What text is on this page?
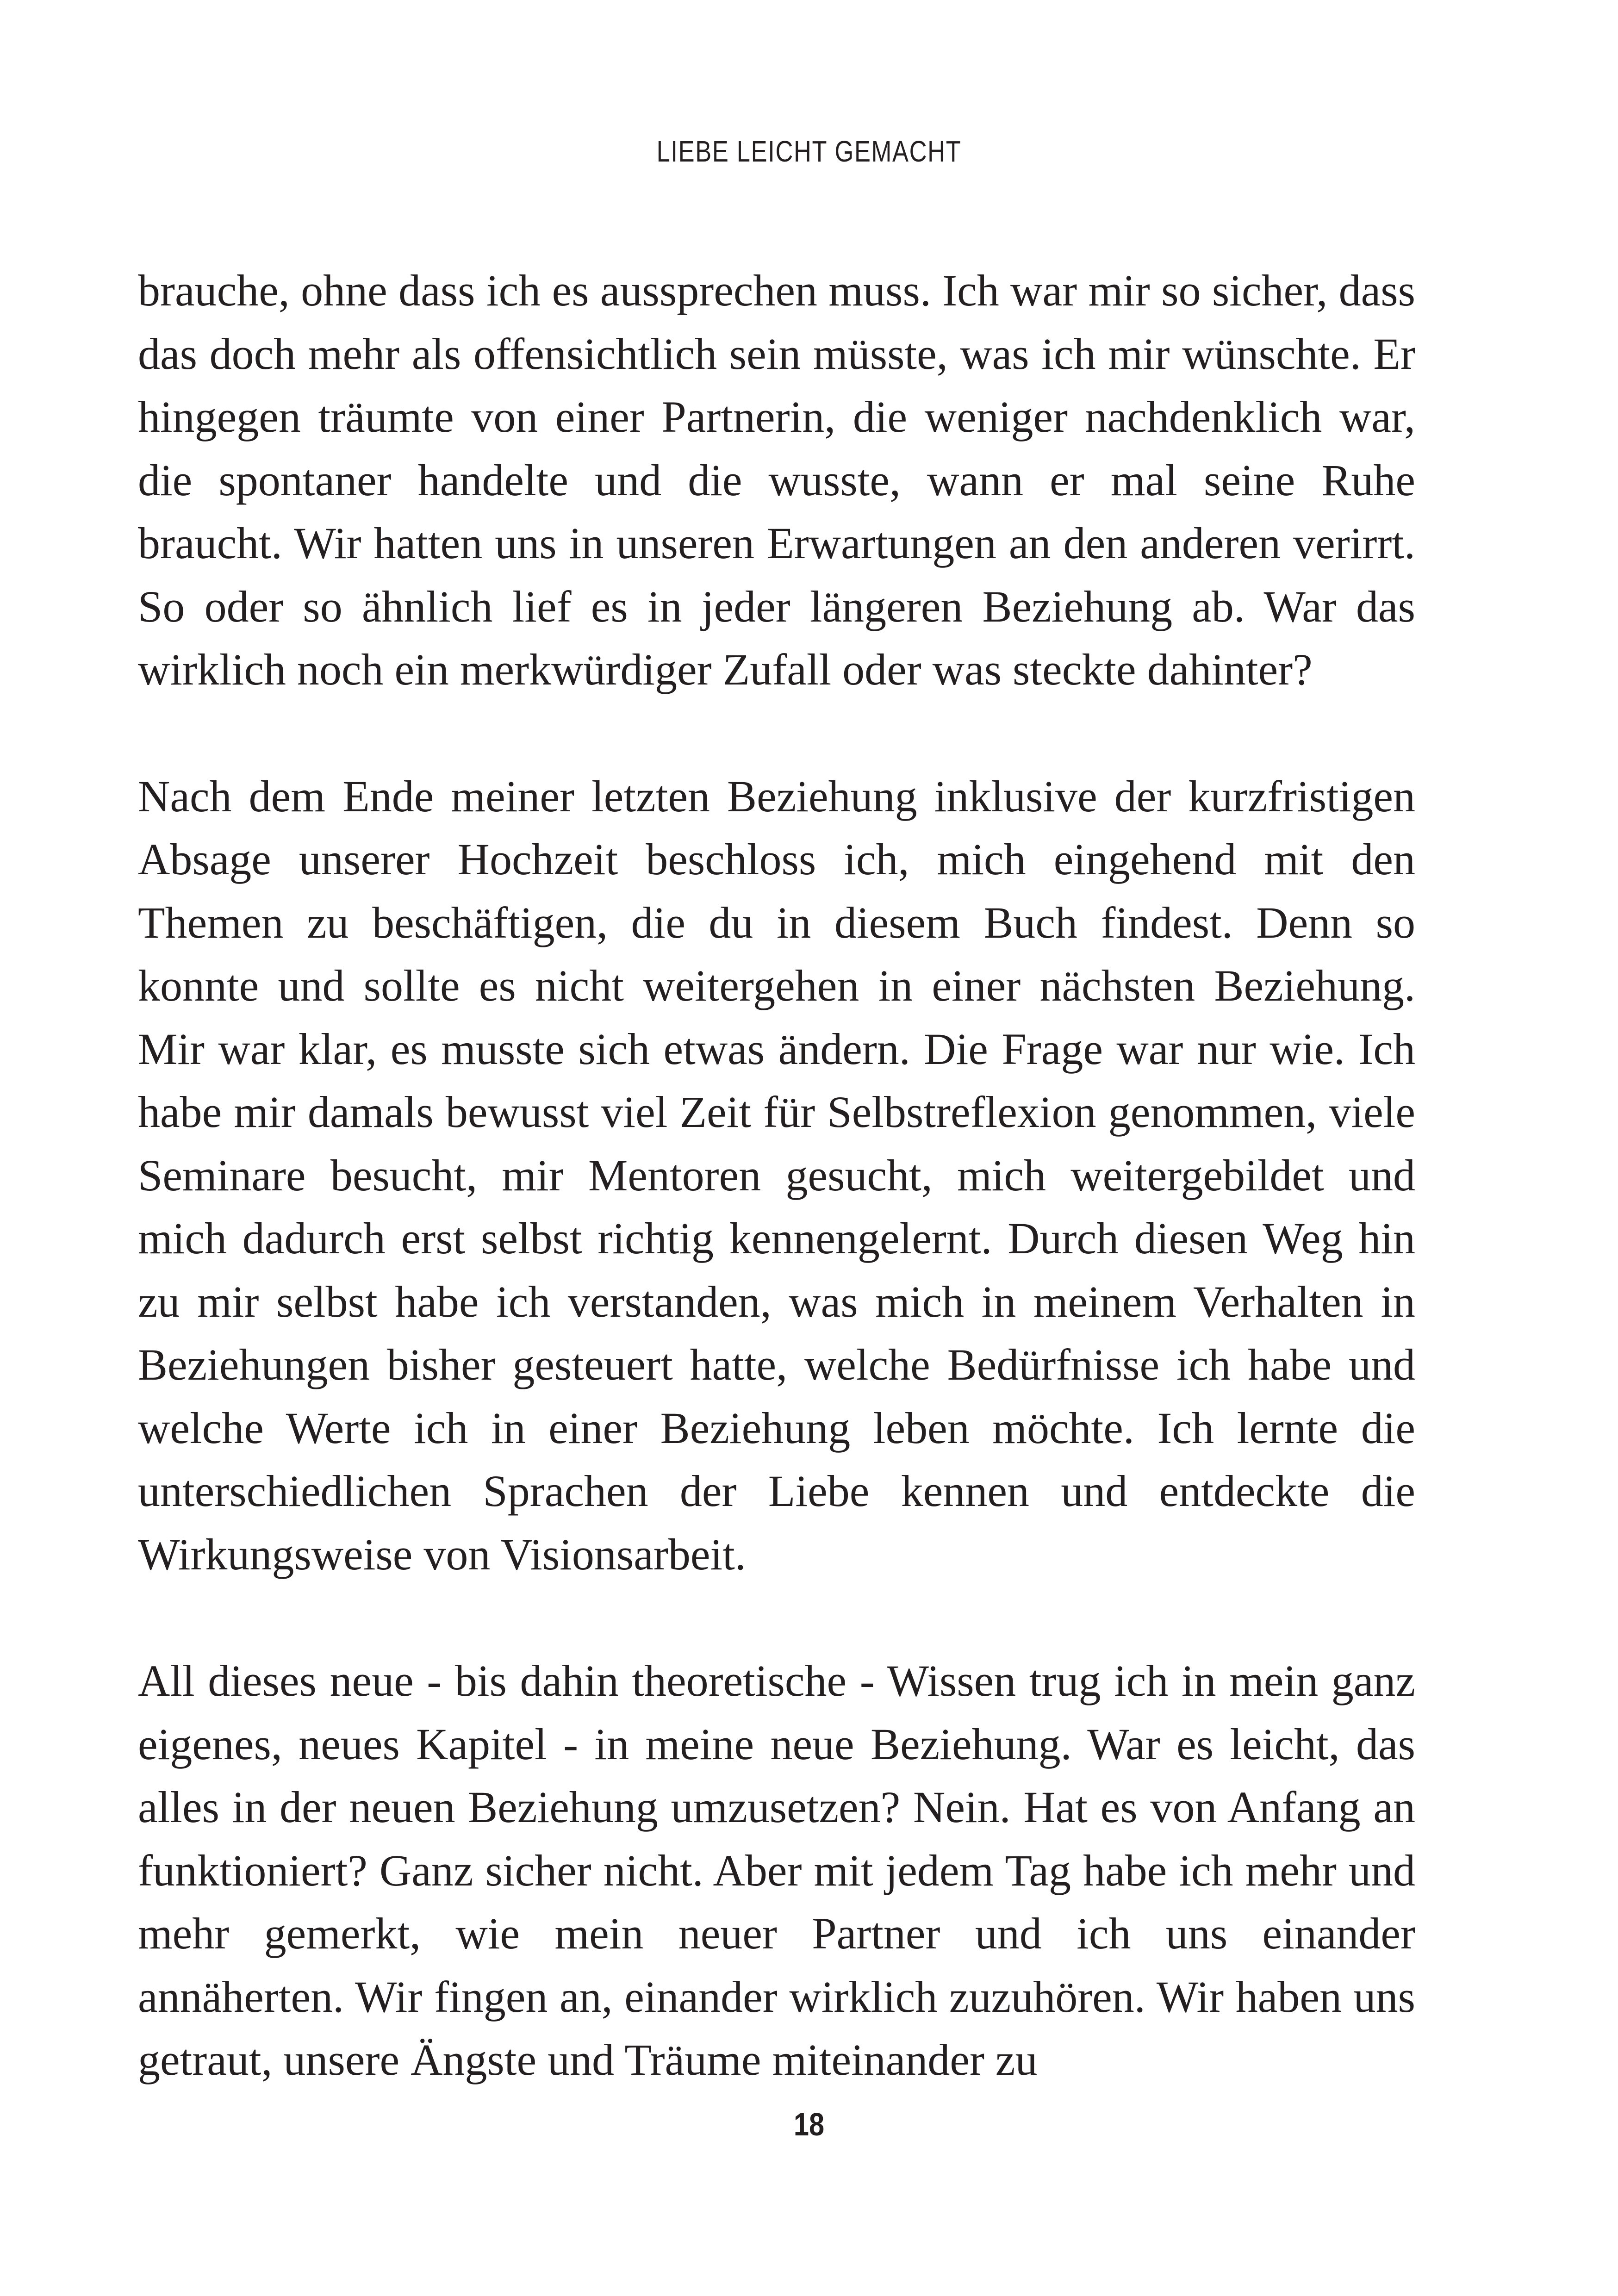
LIEBE LEICHT GEMACHT

brauche, ohne dass ich es aussprechen muss. Ich war mir so sicher, dass das doch mehr als offensichtlich sein müsste, was ich mir wünschte. Er hingegen träumte von einer Partnerin, die weniger nachdenklich war, die spontaner handelte und die wusste, wann er mal seine Ruhe braucht. Wir hatten uns in unseren Erwartungen an den anderen verirrt. So oder so ähnlich lief es in jeder längeren Beziehung ab. War das wirklich noch ein merkwürdiger Zufall oder was steckte dahinter?

Nach dem Ende meiner letzten Beziehung inklusive der kurzfristigen Absage unserer Hochzeit beschloss ich, mich eingehend mit den Themen zu beschäftigen, die du in diesem Buch findest. Denn so konnte und sollte es nicht weitergehen in einer nächsten Beziehung. Mir war klar, es musste sich etwas ändern. Die Frage war nur wie. Ich habe mir damals bewusst viel Zeit für Selbstreflexion genommen, viele Seminare besucht, mir Mentoren gesucht, mich weitergebildet und mich dadurch erst selbst richtig kennengelernt. Durch diesen Weg hin zu mir selbst habe ich verstanden, was mich in meinem Verhalten in Beziehungen bisher gesteuert hatte, welche Bedürfnisse ich habe und welche Werte ich in einer Beziehung leben möchte. Ich lernte die unterschiedlichen Sprachen der Liebe kennen und entdeckte die Wirkungsweise von Visionsarbeit.

All dieses neue - bis dahin theoretische - Wissen trug ich in mein ganz eigenes, neues Kapitel - in meine neue Beziehung. War es leicht, das alles in der neuen Beziehung umzusetzen? Nein. Hat es von Anfang an funktioniert? Ganz sicher nicht. Aber mit jedem Tag habe ich mehr und mehr gemerkt, wie mein neuer Partner und ich uns einander annäherten. Wir fingen an, einander wirklich zuzuhören. Wir haben uns getraut, unsere Ängste und Träume miteinander zu

18
